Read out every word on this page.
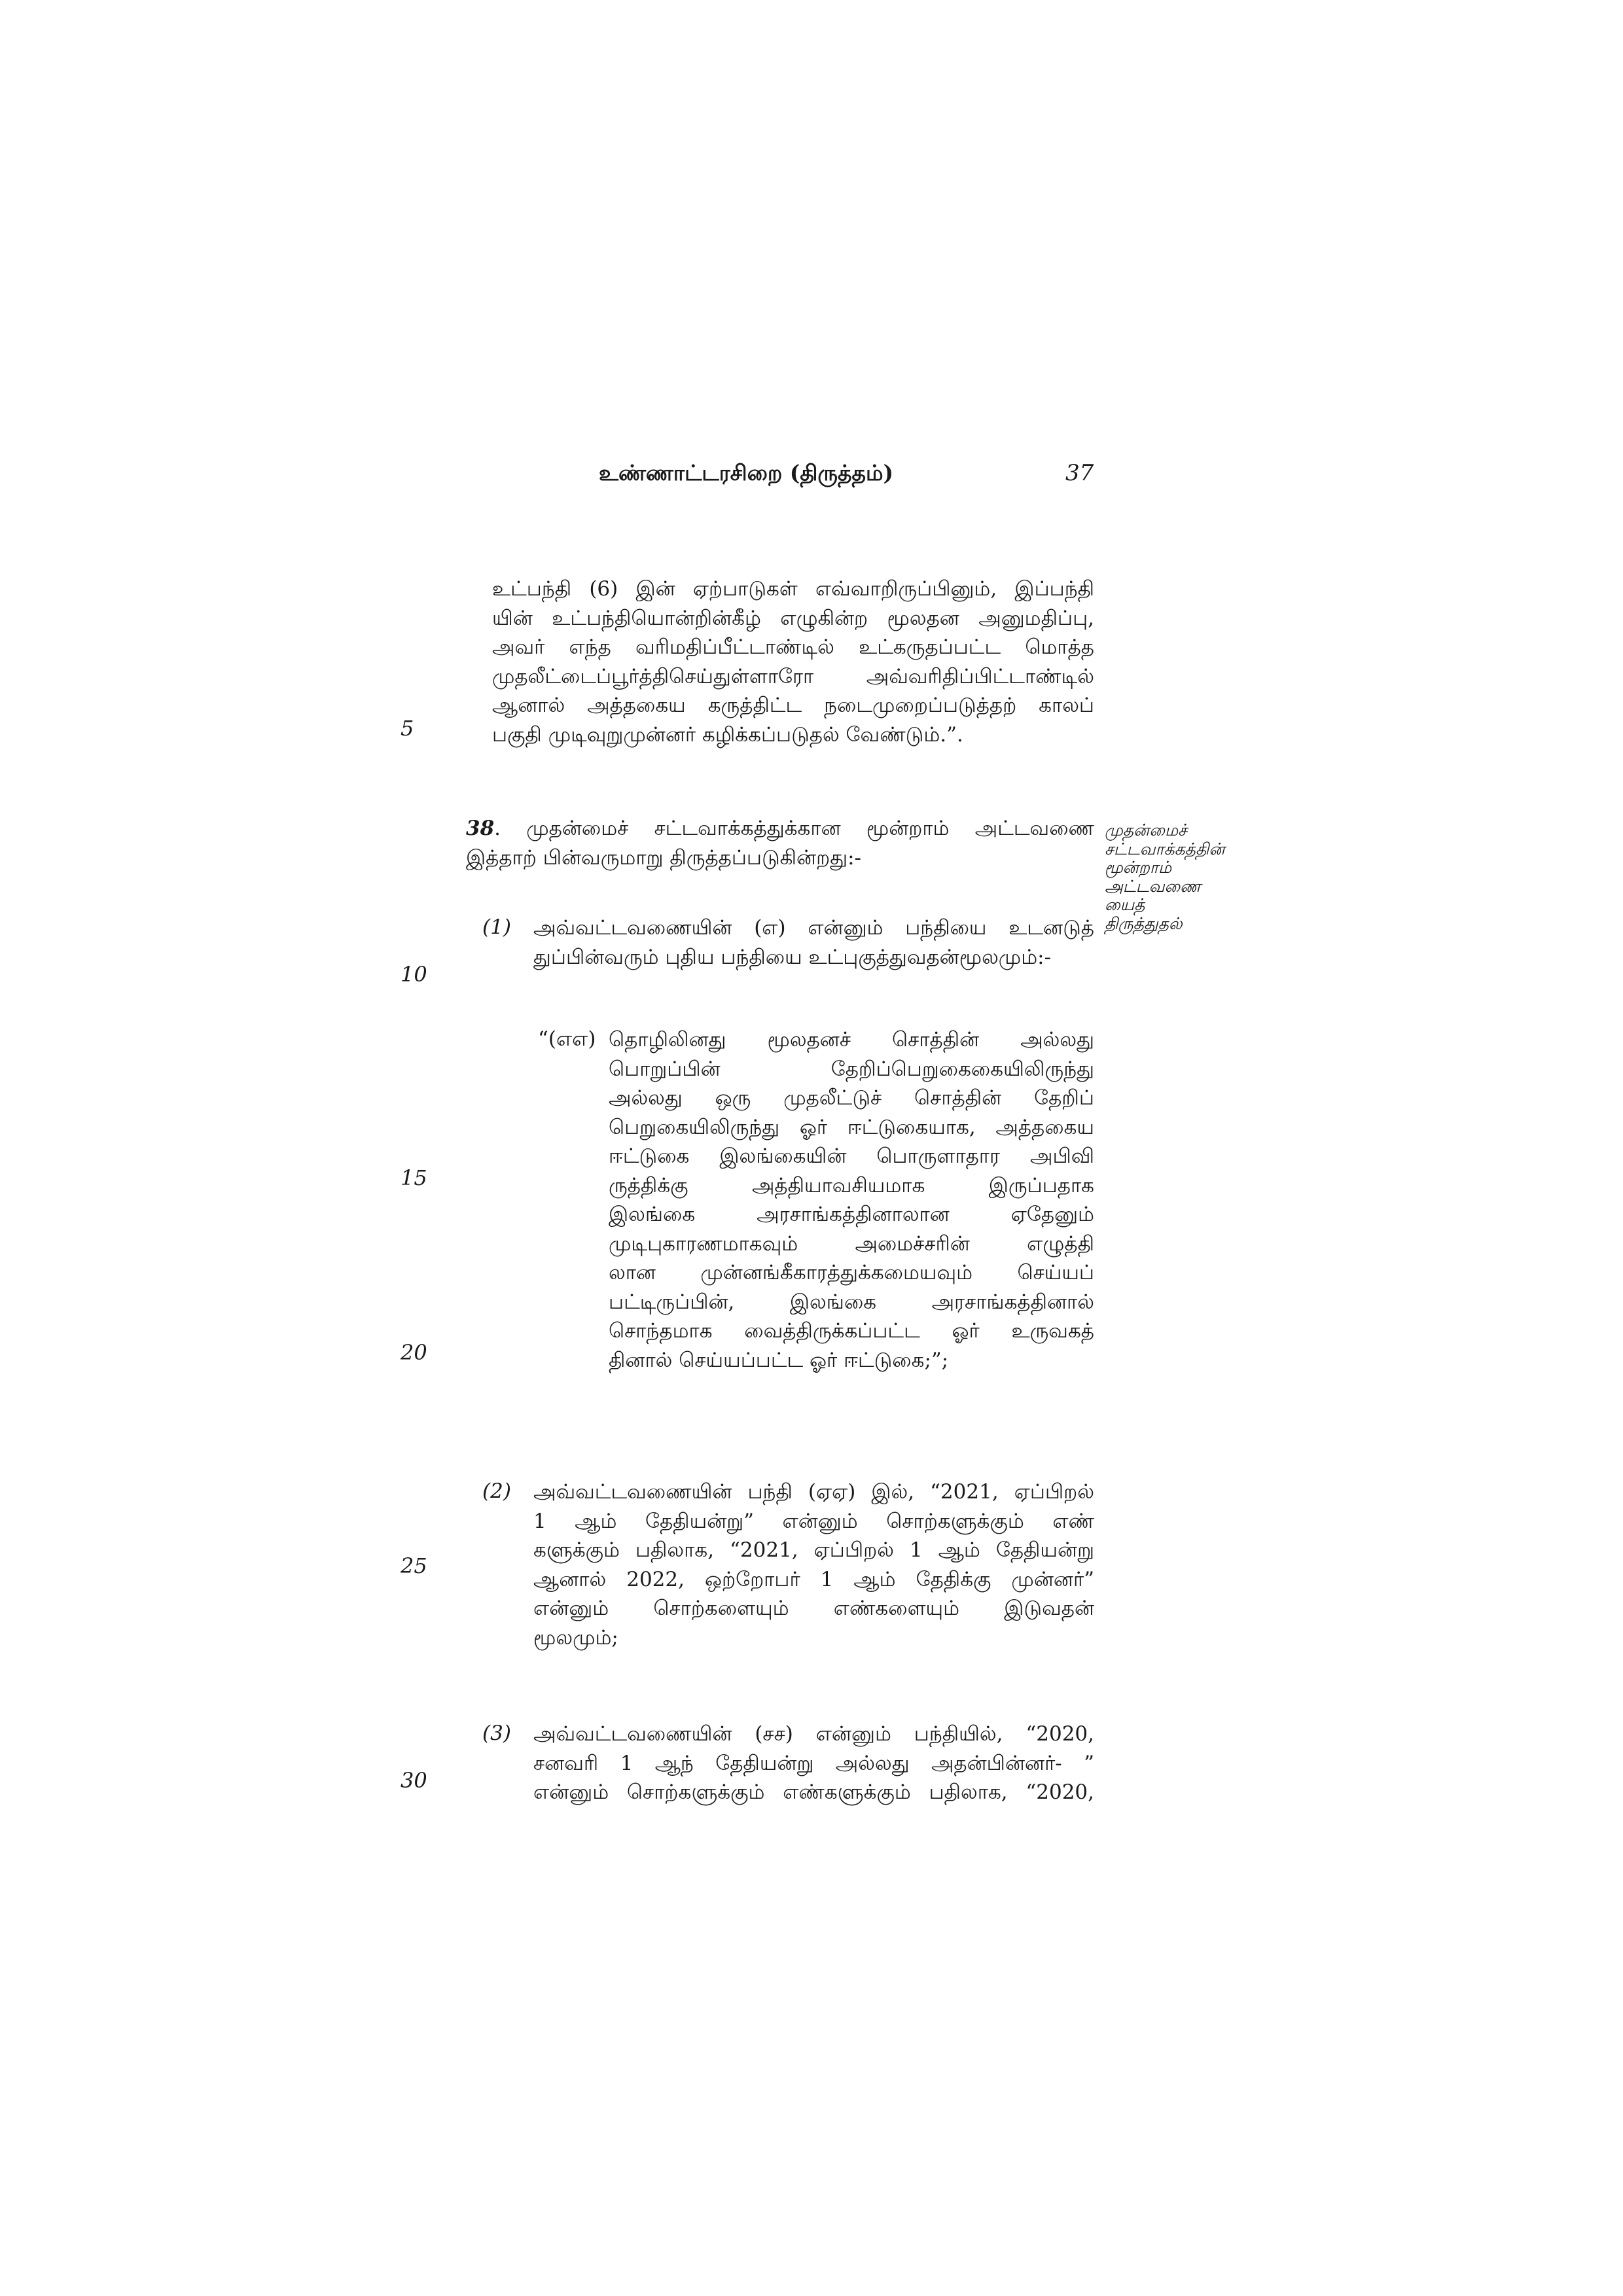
உண்ணாட்டரசிறை (திருத்தம்)	37
5
10
15
20
25
30
உட்பந்தி (6) இன் ஏற்பாடுகள் எவ்வாறிருப்பினும், இப்பந்தி
யின் உட்பந்தியொன்றின்கீழ் எழுகின்ற மூலதன அனுமதிப்பு,
அவர் எந்த வரிமதிப்பீட்டாண்டில் உட்கருதப்பட்ட மொத்த
முதலீட்டைப்பூர்த்திசெய்துள்ளாரோ அவ்வரிதிப்பிட்டாண்டில்
ஆனால் அத்தகைய கருத்திட்ட நடைமுறைப்படுத்தற் காலப்
பகுதி முடிவுறுமுன்னர் கழிக்கப்படுதல் வேண்டும்.”.
38. முதன்மைச் சட்டவாக்கத்துக்கான மூன்றாம் அட்டவணை
இத்தாற் பின்வருமாறு திருத்தப்படுகின்றது:-
முதன்மைச்
சட்டவாக்கத்தின்
மூன்றாம்
அட்டவணை
யைத்
திருத்துதல்
(1) அவ்வட்டவணையின் (எ) என்னும் பந்தியை உடனடுத்
துப்பின்வரும் புதிய பந்தியை உட்புகுத்துவதன்மூலமும்:-
“(எஎ) தொழிலினது மூலதனச் சொத்தின் அல்லது
பொறுப்பின் தேறிப்பெறுகைகையிலிருந்து
அல்லது ஒரு முதலீட்டுச் சொத்தின் தேறிப்
பெறுகையிலிருந்து ஓர் ஈட்டுகையாக, அத்தகைய
ஈட்டுகை இலங்கையின் பொருளாதார அபிவி
ருத்திக்கு அத்தியாவசியமாக இருப்பதாக
இலங்கை அரசாங்கத்தினாலான ஏதேனும்
முடிபுகாரணமாகவும் அமைச்சரின் எழுத்தி
லான முன்னங்கீகாரத்துக்கமையவும் செய்யப்
பட்டிருப்பின், இலங்கை அரசாங்கத்தினால்
சொந்தமாக வைத்திருக்கப்பட்ட ஓர் உருவகத்
தினால் செய்யப்பட்ட ஓர் ஈட்டுகை;”;
(2) அவ்வட்டவணையின் பந்தி (ஏஏ) இல், “2021, ஏப்பிறல்
1 ஆம் தேதியன்று” என்னும் சொற்களுக்கும் எண்
களுக்கும் பதிலாக, “2021, ஏப்பிறல் 1 ஆம் தேதியன்று
ஆனால் 2022, ஒற்றோபர் 1 ஆம் தேதிக்கு முன்னர்”
என்னும் சொற்களையும் எண்களையும் இடுவதன்
மூலமும்;
(3) அவ்வட்டவணையின் (சச) என்னும் பந்தியில், “2020,
சனவரி 1 ஆந் தேதியன்று அல்லது அதன்பின்னர்- ”
என்னும் சொற்களுக்கும் எண்களுக்கும் பதிலாக, “2020,
